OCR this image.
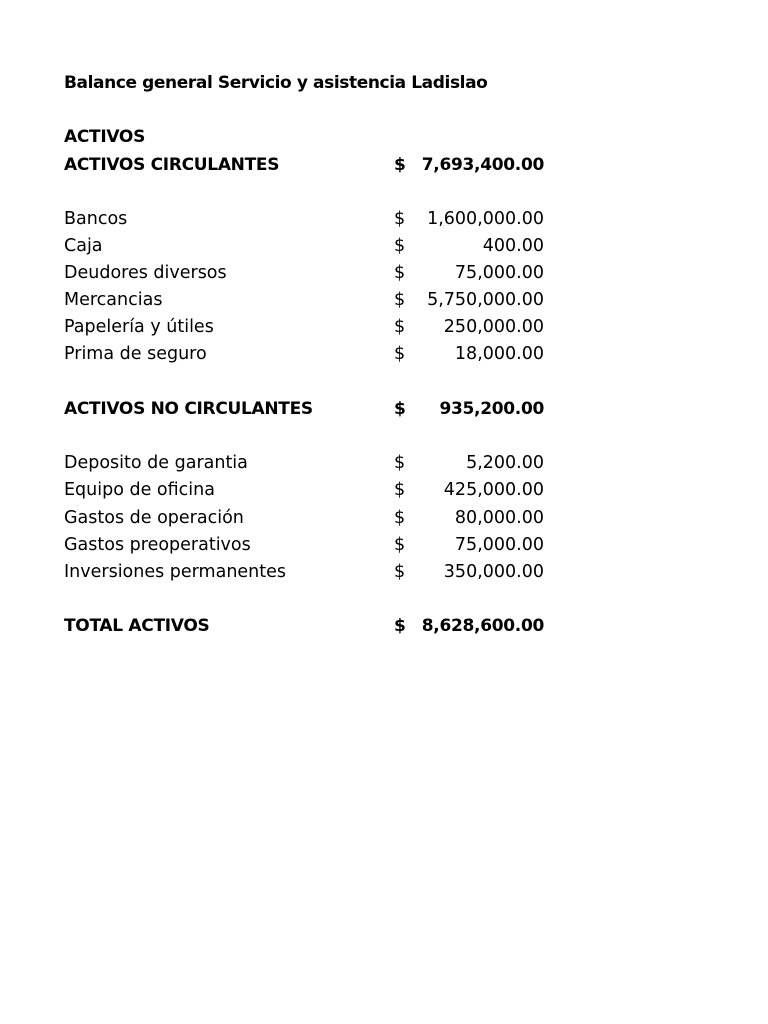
Balance general Servicio y asistencia Ladislao
ACTIVOS
ACTIVOS CIRCULANTES	$ 7,693,400.00
Bancos	$ 1,600,000.00
Caja	$	400.00
Deudores diversos	$	75,000.00
Mercancias	$ 5,750,000.00
Papelería y útiles	$ 250,000.00
Prima de seguro	$	18,000.00
ACTIVOS NO CIRCULANTES	$ 935,200.00
Deposito de garantia	$	5,200.00
Equipo de oficina	$ 425,000.00
Gastos de operación	$	80,000.00
Gastos preoperativos	$	75,000.00
Inversiones permanentes	$ 350,000.00
TOTAL ACTIVOS	$ 8,628,600.00
